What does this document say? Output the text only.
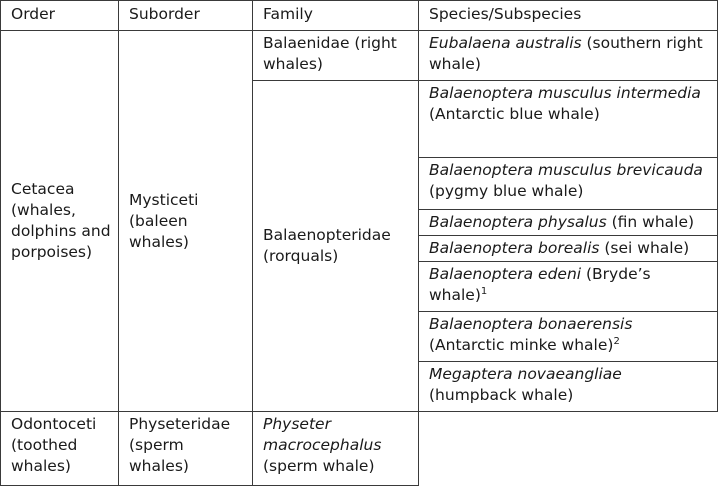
Order	Suborder	Family	Species/Subspecies
Cetacea (whales, dolphins and porpoises)	Mysticeti (baleen whales)	Balaenidae (right whales)	Eubalaena australis (southern right whale)
		Balaenopteridae (rorquals)	Balaenoptera musculus intermedia (Antarctic blue whale)
			Balaenoptera musculus brevicauda (pygmy blue whale)
			Balaenoptera physalus (fin whale)
			Balaenoptera borealis (sei whale)
			Balaenoptera edeni (Bryde’s whale)$^1$
			Balaenoptera bonaerensis (Antarctic minke whale)$^2$
			Megaptera novaeangliae (humpback whale)
Odontoceti (toothed whales)	Physeteridae (sperm whales)	Physeter macrocephalus (sperm whale)	
